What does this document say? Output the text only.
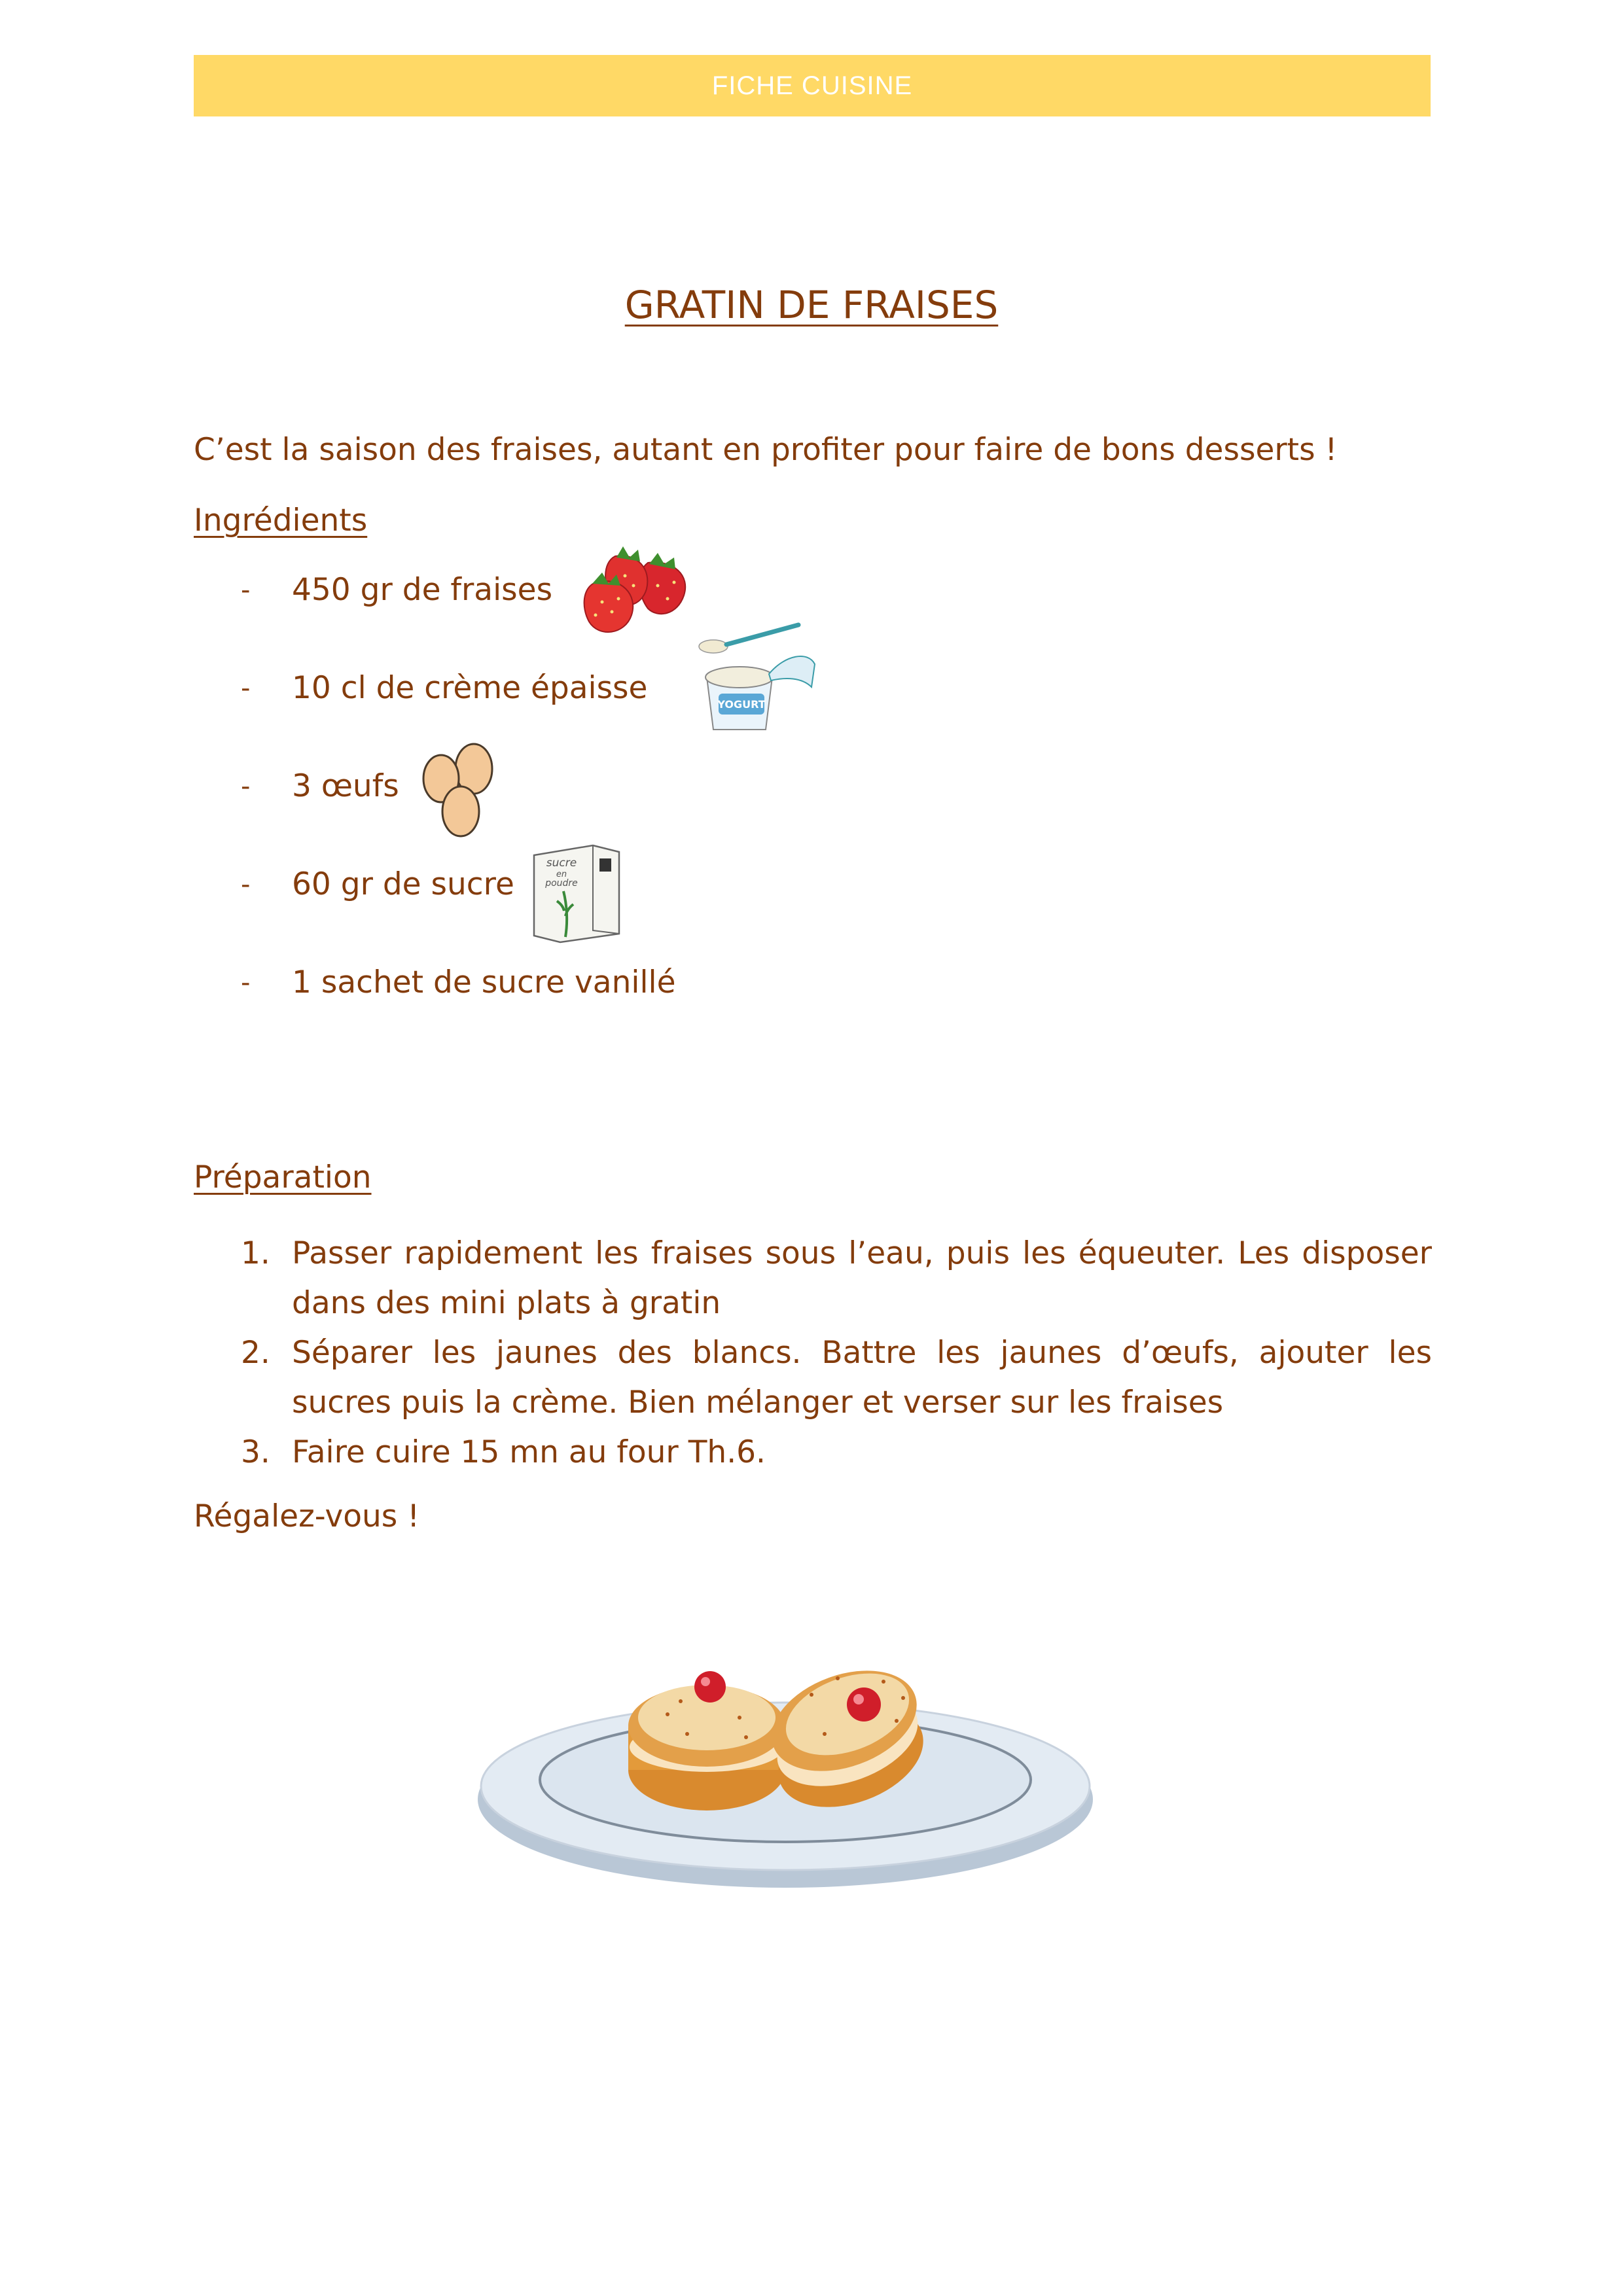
FICHE CUISINE
GRATIN DE FRAISES
C’est la saison des fraises, autant en profiter pour faire de bons desserts !
Ingrédients
-	450 gr de fraises
-	10 cl de crème épaisse
-	3 œufs
-	60 gr de sucre
-	1 sachet de sucre vanillé
YOGURT
sucre
en
poudre
Préparation
1. Passer rapidement les fraises sous l’eau, puis les équeuter. Les disposer dans des mini plats à gratin
2. Séparer les jaunes des blancs. Battre les jaunes d’œufs, ajouter les sucres puis la crème. Bien mélanger et verser sur les fraises
3. Faire cuire 15 mn au four Th.6.
Régalez-vous !
